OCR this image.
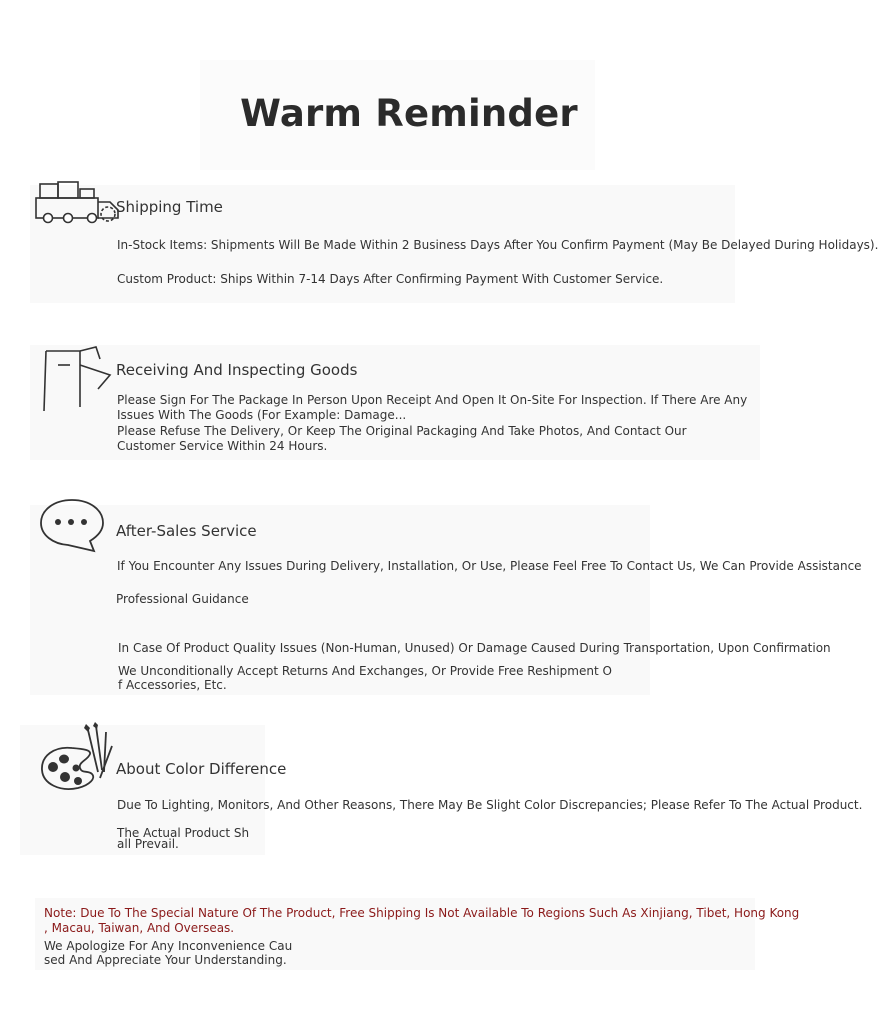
Warm Reminder
Shipping Time
In-Stock Items: Shipments Will Be Made Within 2 Business Days After You Confirm Payment (May Be Delayed During Holidays).
Custom Product: Ships Within 7-14 Days After Confirming Payment With Customer Service.
Receiving And Inspecting Goods
Please Sign For The Package In Person Upon Receipt And Open It On-Site For Inspection. If There Are Any Issues With The Goods (For Example: Damage...
Please Refuse The Delivery, Or Keep The Original Packaging And Take Photos, And Contact Our Customer Service Within 24 Hours.
After-Sales Service
If You Encounter Any Issues During Delivery, Installation, Or Use, Please Feel Free To Contact Us, We Can Provide Assistance
Professional Guidance
In Case Of Product Quality Issues (Non-Human, Unused) Or Damage Caused During Transportation, Upon Confirmation
We Unconditionally Accept Returns And Exchanges, Or Provide Free Reshipment O
f Accessories, Etc.
About Color Difference
Due To Lighting, Monitors, And Other Reasons, There May Be Slight Color Discrepancies; Please Refer To The Actual Product.
The Actual Product Sh
all Prevail.
Note: Due To The Special Nature Of The Product, Free Shipping Is Not Available To Regions Such As Xinjiang, Tibet, Hong Kong
, Macau, Taiwan, And Overseas.
We Apologize For Any Inconvenience Cau
sed And Appreciate Your Understanding.
